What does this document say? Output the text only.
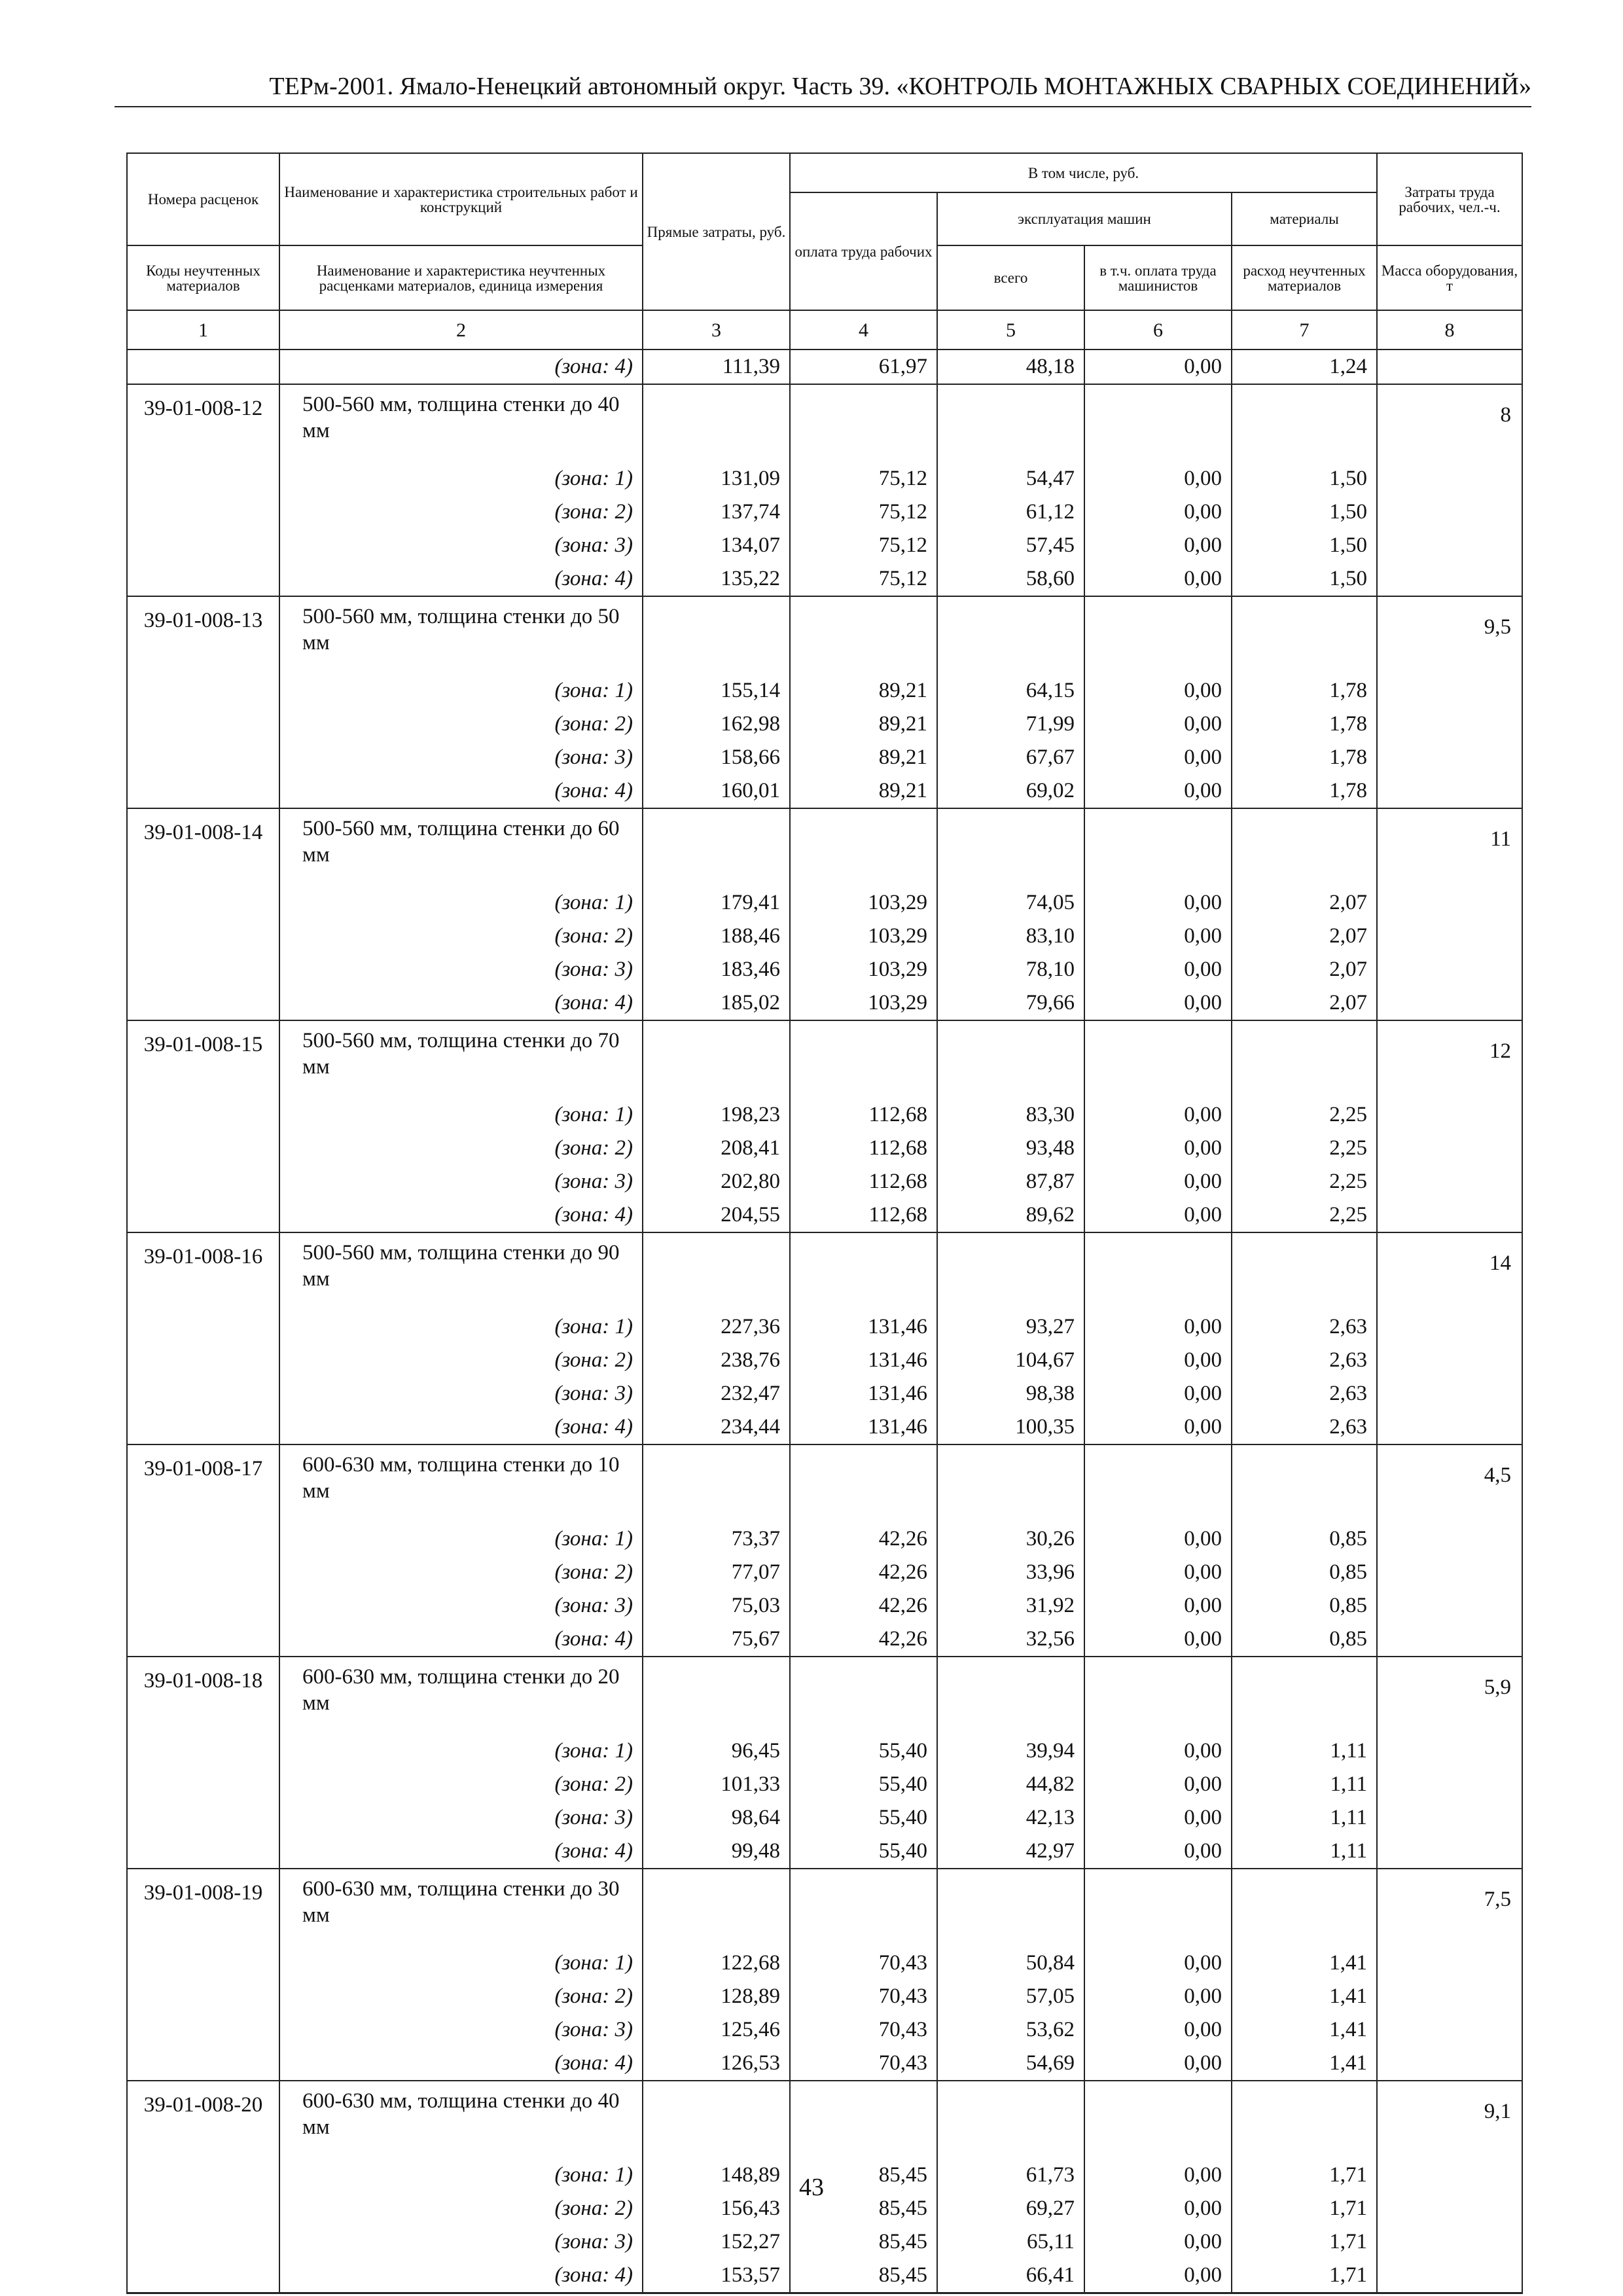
ТЕРм-2001. Ямало-Ненецкий автономный округ. Часть 39. «КОНТРОЛЬ МОНТАЖНЫХ СВАРНЫХ СОЕДИНЕНИЙ»
Номера расценок	Наименование и характеристика строительных работ и конструкций	Прямые затраты, руб.	В том числе, руб.				Затраты труда рабочих, чел.-ч.
			оплата труда рабочих	эксплуатация машин		материалы	
Коды неучтенных материалов	Наименование и характеристика неучтенных расценками материалов, единица измерения			всего	в т.ч. оплата труда машинистов	расход неучтенных материалов	Масса оборудования, т
1	2	3	4	5	6	7	8
	(зона: 4)	111,39	61,97	48,18	0,00	1,24	
39-01-008-12	500-560 мм, толщина стенки до 40 мм						8
	(зона: 1)	131,09	75,12	54,47	0,00	1,50	
	(зона: 2)	137,74	75,12	61,12	0,00	1,50	
	(зона: 3)	134,07	75,12	57,45	0,00	1,50	
	(зона: 4)	135,22	75,12	58,60	0,00	1,50	
39-01-008-13	500-560 мм, толщина стенки до 50 мм						9,5
	(зона: 1)	155,14	89,21	64,15	0,00	1,78	
	(зона: 2)	162,98	89,21	71,99	0,00	1,78	
	(зона: 3)	158,66	89,21	67,67	0,00	1,78	
	(зона: 4)	160,01	89,21	69,02	0,00	1,78	
39-01-008-14	500-560 мм, толщина стенки до 60 мм						11
	(зона: 1)	179,41	103,29	74,05	0,00	2,07	
	(зона: 2)	188,46	103,29	83,10	0,00	2,07	
	(зона: 3)	183,46	103,29	78,10	0,00	2,07	
	(зона: 4)	185,02	103,29	79,66	0,00	2,07	
39-01-008-15	500-560 мм, толщина стенки до 70 мм						12
	(зона: 1)	198,23	112,68	83,30	0,00	2,25	
	(зона: 2)	208,41	112,68	93,48	0,00	2,25	
	(зона: 3)	202,80	112,68	87,87	0,00	2,25	
	(зона: 4)	204,55	112,68	89,62	0,00	2,25	
39-01-008-16	500-560 мм, толщина стенки до 90 мм						14
	(зона: 1)	227,36	131,46	93,27	0,00	2,63	
	(зона: 2)	238,76	131,46	104,67	0,00	2,63	
	(зона: 3)	232,47	131,46	98,38	0,00	2,63	
	(зона: 4)	234,44	131,46	100,35	0,00	2,63	
39-01-008-17	600-630 мм, толщина стенки до 10 мм						4,5
	(зона: 1)	73,37	42,26	30,26	0,00	0,85	
	(зона: 2)	77,07	42,26	33,96	0,00	0,85	
	(зона: 3)	75,03	42,26	31,92	0,00	0,85	
	(зона: 4)	75,67	42,26	32,56	0,00	0,85	
39-01-008-18	600-630 мм, толщина стенки до 20 мм						5,9
	(зона: 1)	96,45	55,40	39,94	0,00	1,11	
	(зона: 2)	101,33	55,40	44,82	0,00	1,11	
	(зона: 3)	98,64	55,40	42,13	0,00	1,11	
	(зона: 4)	99,48	55,40	42,97	0,00	1,11	
39-01-008-19	600-630 мм, толщина стенки до 30 мм						7,5
	(зона: 1)	122,68	70,43	50,84	0,00	1,41	
	(зона: 2)	128,89	70,43	57,05	0,00	1,41	
	(зона: 3)	125,46	70,43	53,62	0,00	1,41	
	(зона: 4)	126,53	70,43	54,69	0,00	1,41	
39-01-008-20	600-630 мм, толщина стенки до 40 мм						9,1
	(зона: 1)	148,89	85,45	61,73	0,00	1,71	
	(зона: 2)	156,43	85,45	69,27	0,00	1,71	
	(зона: 3)	152,27	85,45	65,11	0,00	1,71	
	(зона: 4)	153,57	85,45	66,41	0,00	1,71	
43
